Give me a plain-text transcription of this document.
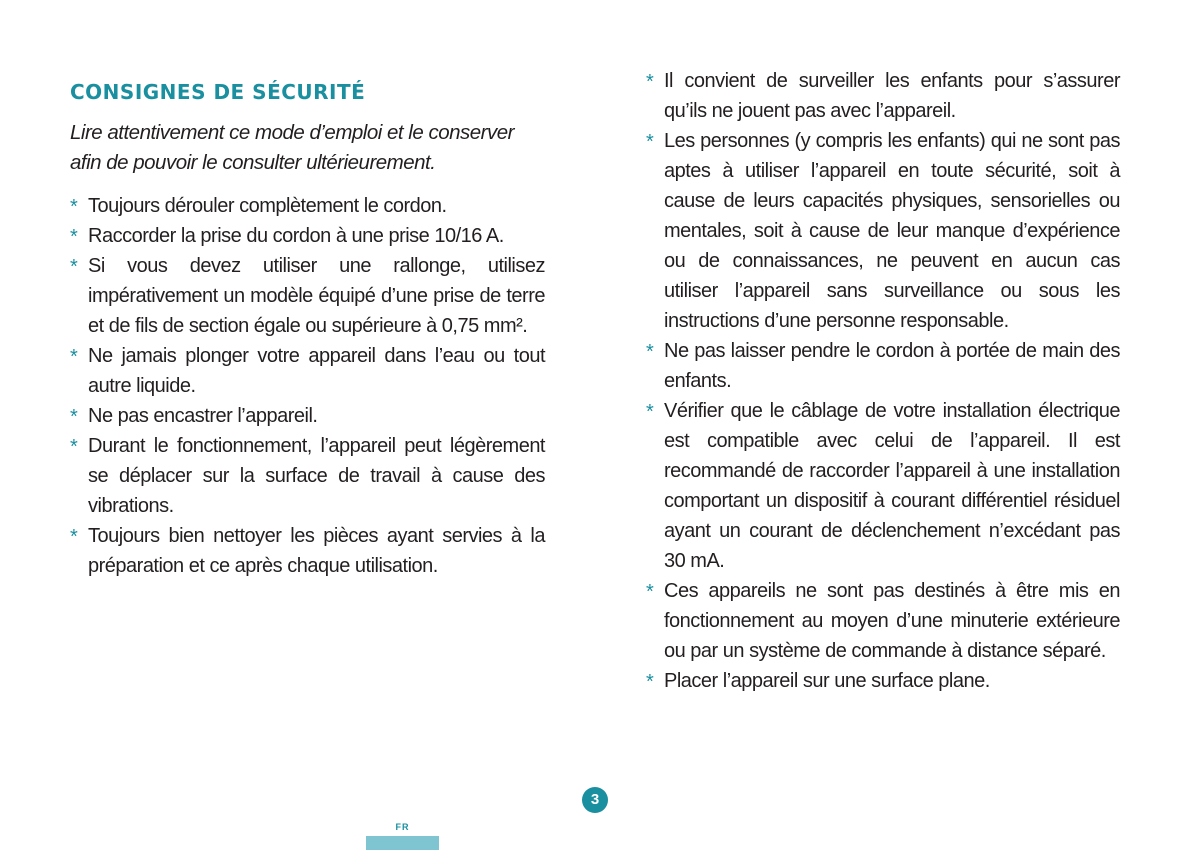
CONSIGNES DE SÉCURITÉ
Lire attentivement ce mode d’emploi et le conserver afin de pouvoir le consulter ultérieurement.
* Toujours dérouler complètement le cordon.
* Raccorder la prise du cordon à une prise 10/16 A.
* Si vous devez utiliser une rallonge, utilisez impérativement un modèle équipé d’une prise de terre et de fils de section égale ou supérieure à 0,75 mm².
* Ne jamais plonger votre appareil dans l’eau ou tout autre liquide.
* Ne pas encastrer l’appareil.
* Durant le fonctionnement, l’appareil peut légèrement se déplacer sur la surface de travail à cause des vibrations.
* Toujours bien nettoyer les pièces ayant servies à la préparation et ce après chaque utilisation.
* Il convient de surveiller les enfants pour s’assurer qu’ils ne jouent pas avec l’appareil.
* Les personnes (y compris les enfants) qui ne sont pas aptes à utiliser l’appareil en toute sécurité, soit à cause de leurs capacités physiques, sensorielles ou mentales, soit à cause de leur manque d’expérience ou de connaissances, ne peuvent en aucun cas utiliser l’appareil sans surveillance ou sous les instructions d’une personne responsable.
* Ne pas laisser pendre le cordon à portée de main des enfants.
* Vérifier que le câblage de votre installation électrique est compatible avec celui de l’appareil. Il est recommandé de raccorder l’appareil à une installation comportant un dispositif à courant différentiel résiduel ayant un courant de déclenchement n’excédant pas 30 mA.
* Ces appareils ne sont pas destinés à être mis en fonctionnement au moyen d’une minuterie extérieure ou par un système de commande à distance séparé.
* Placer l’appareil sur une surface plane.
3
FR
